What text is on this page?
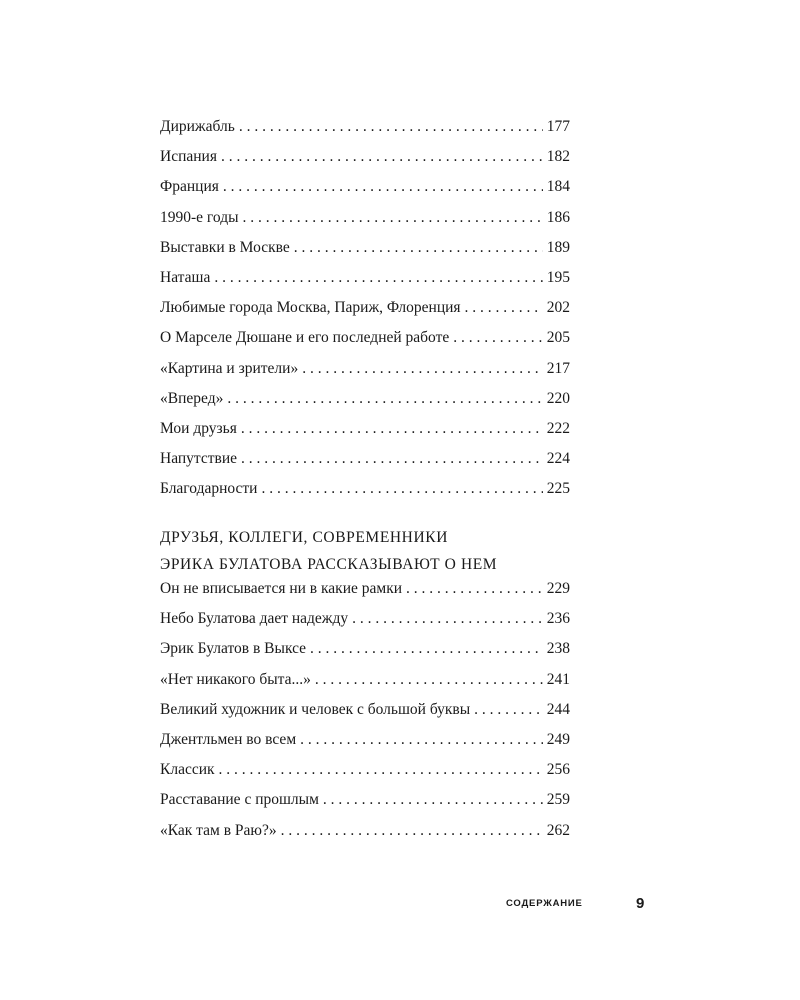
Дирижабль . . .	177
Испания . . .	182
Франция . . .	184
1990-е годы . . .	186
Выставки в Москве . . .	189
Наташа . . .	195
Любимые города Москва, Париж, Флоренция . . .	202
О Марселе Дюшане и его последней работе . . .	205
«Картина и зрители» . . .	217
«Вперед» . . .	220
Мои друзья . . .	222
Напутствие . . .	224
Благодарности . . .	225
ДРУЗЬЯ, КОЛЛЕГИ, СОВРЕМЕННИКИ
ЭРИКА БУЛАТОВА РАССКАЗЫВАЮТ О НЕМ
Он не вписывается ни в какие рамки . . .	229
Небо Булатова дает надежду . . .	236
Эрик Булатов в Выксе . . .	238
«Нет никакого быта...» . . .	241
Великий художник и человек с большой буквы . . .	244
Джентльмен во всем . . .	249
Классик . . .	256
Расставание с прошлым . . .	259
«Как там в Раю?» . . .	262
СОДЕРЖАНИЕ	9
